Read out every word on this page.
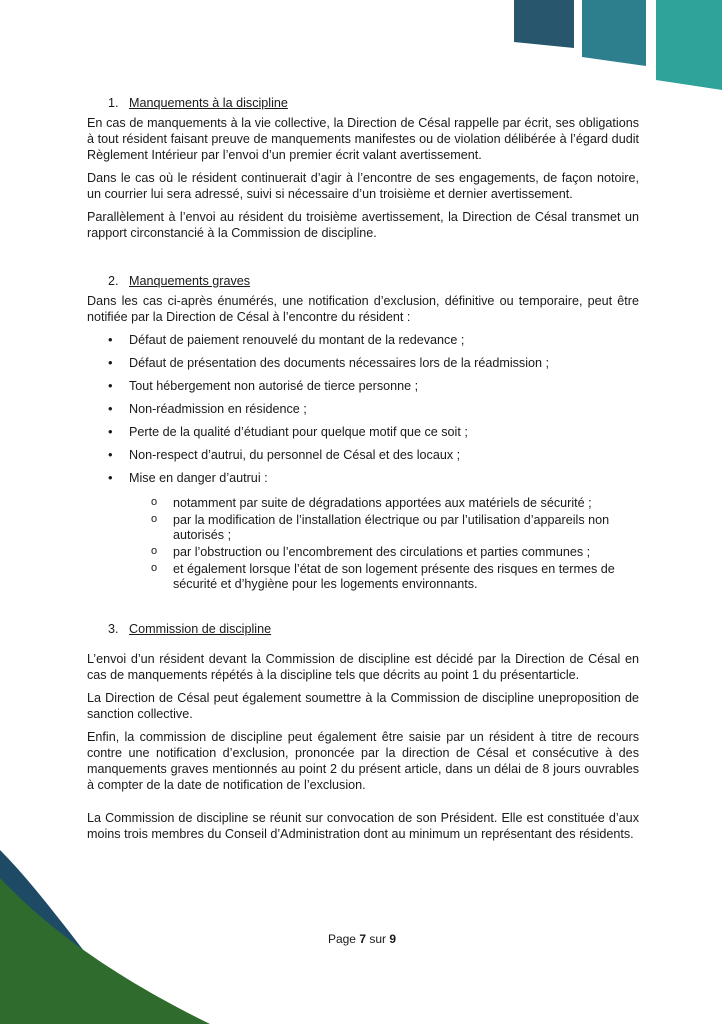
1. Manquements à la discipline

En cas de manquements à la vie collective, la Direction de Césal rappelle par écrit, ses obligations à tout résident faisant preuve de manquements manifestes ou de violation délibérée à l’égard dudit Règlement Intérieur par l’envoi d’un premier écrit valant avertissement.

Dans le cas où le résident continuerait d’agir à l’encontre de ses engagements, de façon notoire, un courrier lui sera adressé, suivi si nécessaire d’un troisième et dernier avertissement.

Parallèlement à l’envoi au résident du troisième avertissement, la Direction de Césal transmet un rapport circonstancié à la Commission de discipline.

2. Manquements graves

Dans les cas ci-après énumérés, une notification d’exclusion, définitive ou temporaire, peut être notifiée par la Direction de Césal à l’encontre du résident :

• Défaut de paiement renouvelé du montant de la redevance ;
• Défaut de présentation des documents nécessaires lors de la réadmission ;
• Tout hébergement non autorisé de tierce personne ;
• Non-réadmission en résidence ;
• Perte de la qualité d’étudiant pour quelque motif que ce soit ;
• Non-respect d’autrui, du personnel de Césal et des locaux ;
• Mise en danger d’autrui :
o notamment par suite de dégradations apportées aux matériels de sécurité ;
o par la modification de l’installation électrique ou par l’utilisation d’appareils non autorisés ;
o par l’obstruction ou l’encombrement des circulations et parties communes ;
o et également lorsque l’état de son logement présente des risques en termes de sécurité et d’hygiène pour les logements environnants.
3. Commission de discipline

L’envoi d’un résident devant la Commission de discipline est décidé par la Direction de Césal en cas de manquements répétés à la discipline tels que décrits au point 1 du présentarticle.

La Direction de Césal peut également soumettre à la Commission de discipline uneproposition de sanction collective.

Enfin, la commission de discipline peut également être saisie par un résident à titre de recours contre une notification d’exclusion, prononcée par la direction de Césal et consécutive à des manquements graves mentionnés au point 2 du présent article, dans un délai de 8 jours ouvrables à compter de la date de notification de l’exclusion.

La Commission de discipline se réunit sur convocation de son Président. Elle est constituée d’aux moins trois membres du Conseil d’Administration dont au minimum un représentant des résidents.

Page 7 sur 9
